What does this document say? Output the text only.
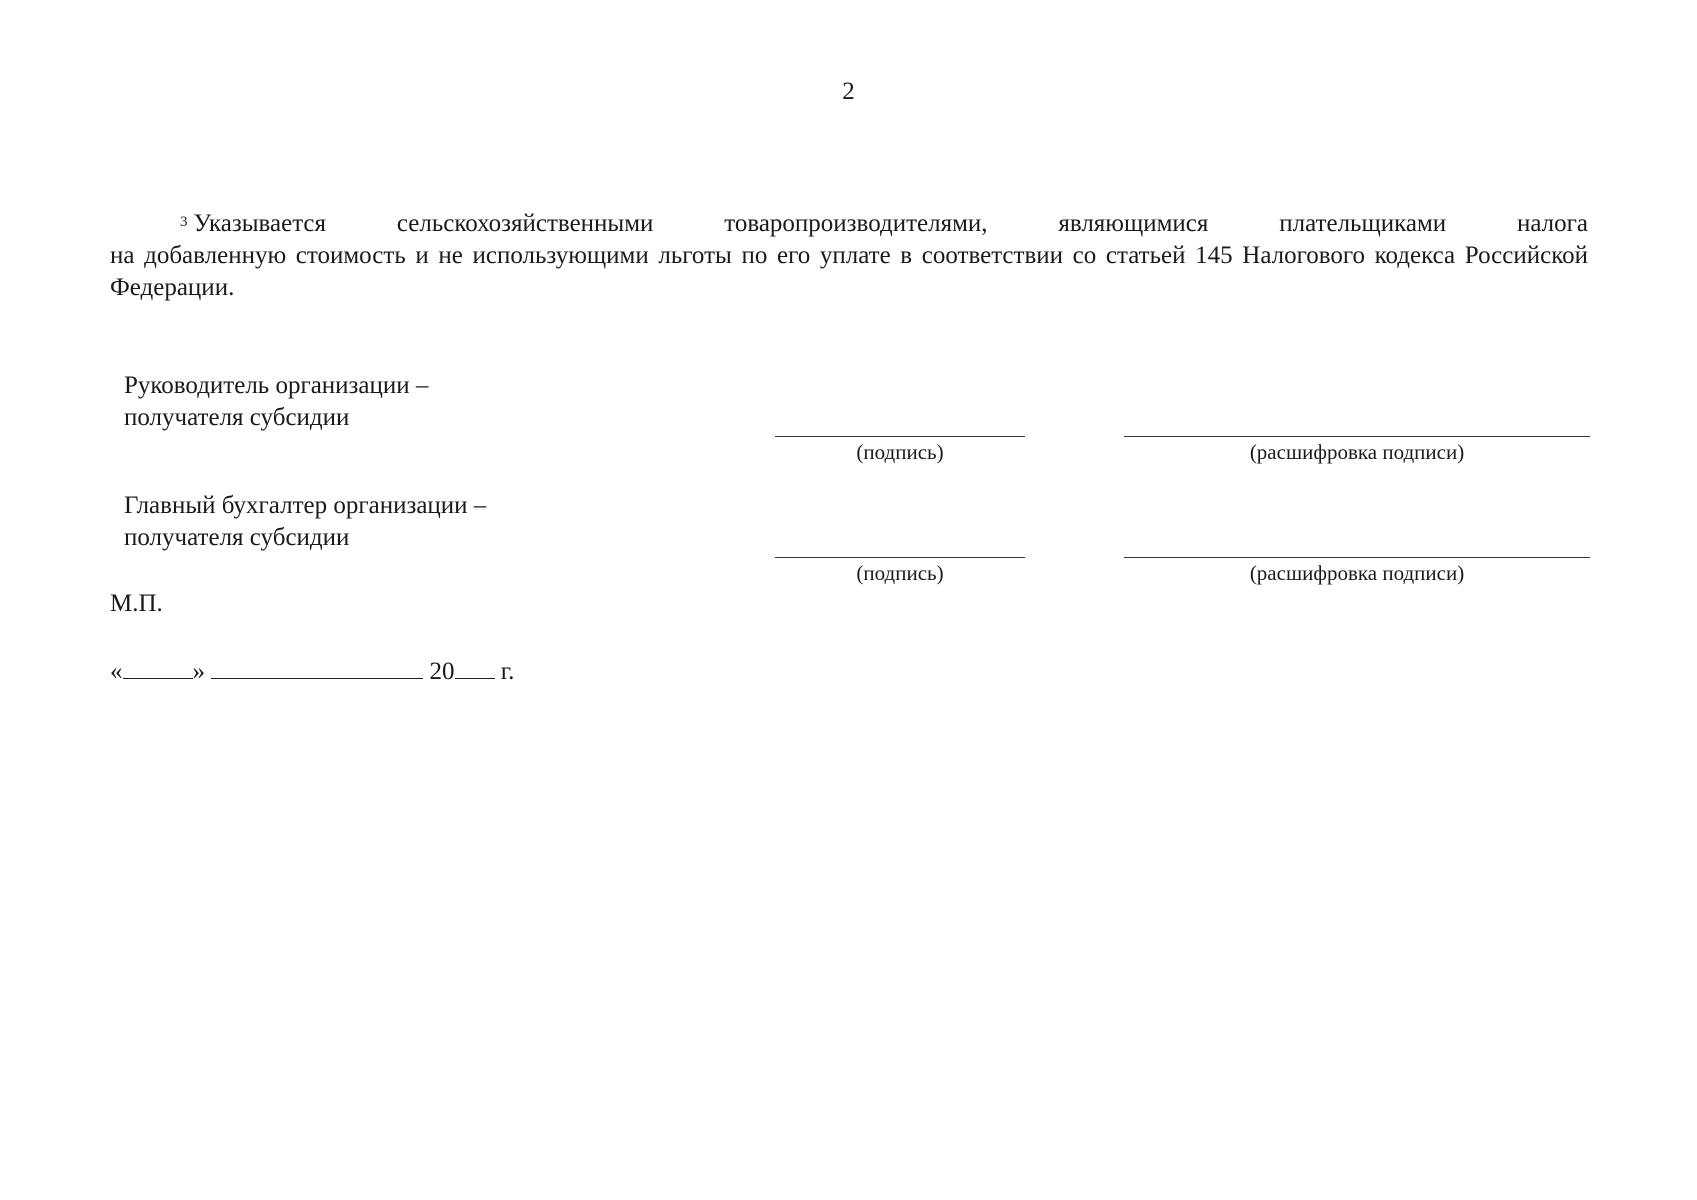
2
$^3$ Указывается сельскохозяйственными товаропроизводителями, являющимися плательщиками налога
на добавленную стоимость и не использующими льготы по его уплате в соответствии со статьей 145 Налогового кодекса Российской Федерации.
Руководитель организации –
получателя субсидии
(подпись)	(расшифровка подписи)
Главный бухгалтер организации –
получателя субсидии
(подпись)	(расшифровка подписи)
М.П.
«	»	20 г.
